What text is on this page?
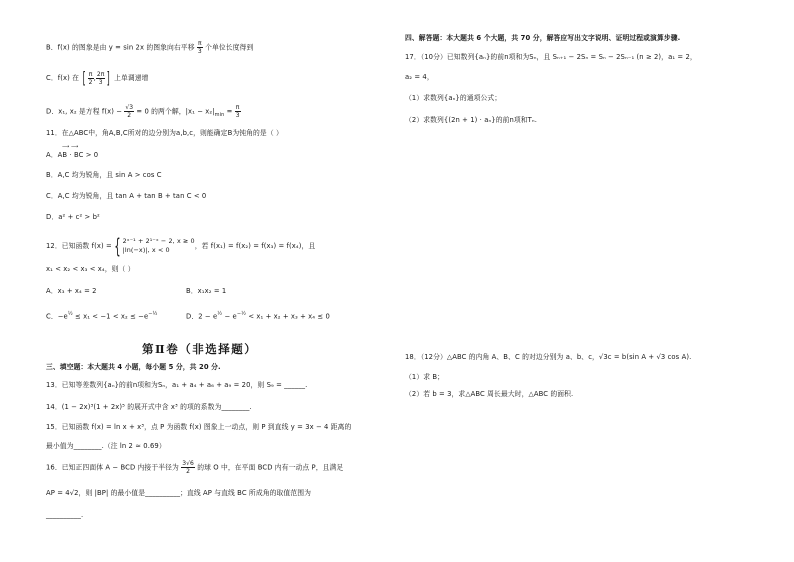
B．f(x) 的图象是由 y = sin 2x 的图象向右平移 $\frac{\pi}{3}$ 个单位长度得到
C．f(x) 在 [ $\frac{\pi}{2}$ , $\frac{2\pi}{3}$ ] 上单调递增
D．x₁, x₂ 是方程 $f(x) - \frac{√3}{2} = 0$ 的两个解，$|x_1 - x_2|_{min} = \frac{\pi}{3}$
11．在△ABC中，角A,B,C所对的边分别为a,b,c，则能确定B为钝角的是（ ）
⟶ ⟶
A．AB · BC > 0
B．A,C 均为锐角，且 sin A > cos C
C．A,C 均为锐角，且 tan A + tan B + tan C < 0
D．a² + c² > b²
12．已知函数 f(x) = { 2ˣ⁻¹ + 2¹⁻ˣ − 2, x ≥ 0
|ln(−x)|, x < 0	，若 f(x₁) = f(x₂) = f(x₃) = f(x₄)，且
x₁ < x₂ < x₃ < x₄，则（ ）
A．x₃ + x₄ = 2	B．x₁x₂ = 1
C．$-e^{\frac{1}{2}} \le x_1 < -1 < x_2 \le -e^{-\frac{1}{2}}$	D．$2 - e^{\frac{1}{2}} - e^{-\frac{1}{2}} < x_1 + x_2 + x_3 + x_4 \le 0$
第Ⅱ卷（非选择题）
三、填空题：本大题共 4 小题，每小题 5 分，共 20 分.
13．已知等差数列{aₙ}的前n项和为Sₙ，a₁ + a₄ + a₆ + a₉ = 20，则 S₉ = ______.
14．(1 − 2x)³(1 + 2x)⁵ 的展开式中含 x³ 的项的系数为________.
15．已知函数 f(x) = ln x + x³，点 P 为函数 f(x) 图象上一动点，则 P 到直线 y = 3x − 4 距离的
最小值为________.（注 ln 2 ≈ 0.69）
16．已知正四面体 A − BCD 内接于半径为 $\frac{3√6}{2}$ 的球 O 中，在平面 BCD 内有一动点 P，且满足
AP = 4√2，则 |BP| 的最小值是__________；直线 AP 与直线 BC 所成角的取值范围为
__________.
四、解答题：本大题共 6 个大题，共 70 分，解答应写出文字说明、证明过程或演算步骤.
17．（10分）已知数列{aₙ}的前n项和为Sₙ，且 Sₙ₊₁ − 2Sₙ = Sₙ − 2Sₙ₋₁ (n ≥ 2)，a₁ = 2，
a₂ = 4，
（1）求数列{aₙ}的通项公式；
（2）求数列{(2n + 1) · aₙ}的前n项和Tₙ.
18．（12分）△ABC 的内角 A、B、C 的对边分别为 a、b、c，√3c = b(sin A + √3 cos A).
（1）求 B；
（2）若 b = 3，求△ABC 周长最大时，△ABC 的面积.
